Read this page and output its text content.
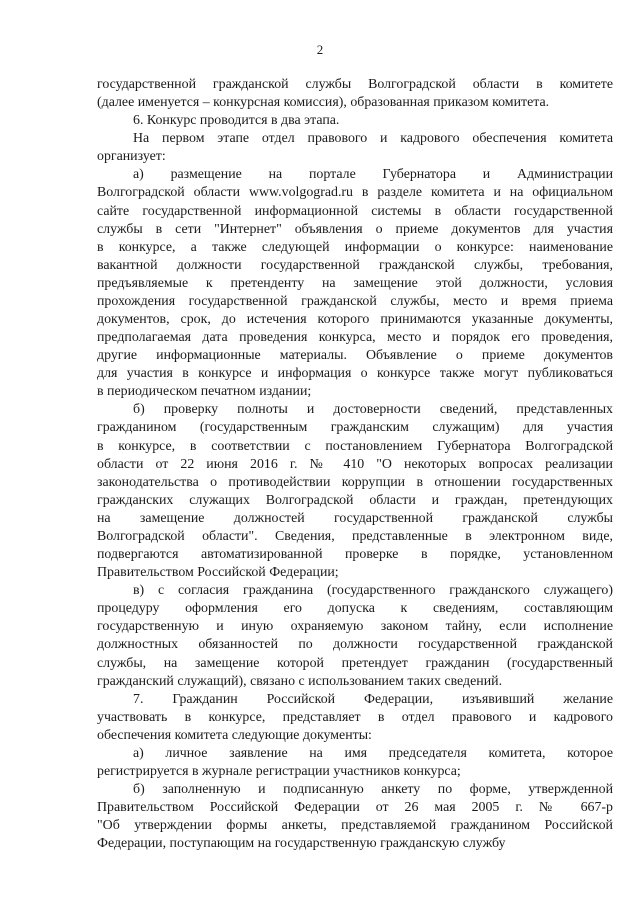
2
государственной гражданской службы Волгоградской области в комитете
(далее именуется – конкурсная комиссия), образованная приказом комитета.
6. Конкурс проводится в два этапа.
На первом этапе отдел правового и кадрового обеспечения комитета
организует:
а) размещение на портале Губернатора и Администрации
Волгоградской области www.volgograd.ru в разделе комитета и на официальном
сайте государственной информационной системы в области государственной
службы в сети "Интернет" объявления о приеме документов для участия
в конкурсе, а также следующей информации о конкурсе: наименование
вакантной должности государственной гражданской службы, требования,
предъявляемые к претенденту на замещение этой должности, условия
прохождения государственной гражданской службы, место и время приема
документов, срок, до истечения которого принимаются указанные документы,
предполагаемая дата проведения конкурса, место и порядок его проведения,
другие информационные материалы. Объявление о приеме документов
для участия в конкурсе и информация о конкурсе также могут публиковаться
в периодическом печатном издании;
б) проверку полноты и достоверности сведений, представленных
гражданином (государственным гражданским служащим) для участия
в конкурсе, в соответствии с постановлением Губернатора Волгоградской
области от 22 июня 2016 г. № 410 "О некоторых вопросах реализации
законодательства о противодействии коррупции в отношении государственных
гражданских служащих Волгоградской области и граждан, претендующих
на замещение должностей государственной гражданской службы
Волгоградской области". Сведения, представленные в электронном виде,
подвергаются автоматизированной проверке в порядке, установленном
Правительством Российской Федерации;
в) с согласия гражданина (государственного гражданского служащего)
процедуру оформления его допуска к сведениям, составляющим
государственную и иную охраняемую законом тайну, если исполнение
должностных обязанностей по должности государственной гражданской
службы, на замещение которой претендует гражданин (государственный
гражданский служащий), связано с использованием таких сведений.
7. Гражданин Российской Федерации, изъявивший желание
участвовать в конкурсе, представляет в отдел правового и кадрового
обеспечения комитета следующие документы:
а) личное заявление на имя председателя комитета, которое
регистрируется в журнале регистрации участников конкурса;
б) заполненную и подписанную анкету по форме, утвержденной
Правительством Российской Федерации от 26 мая 2005 г. № 667-р
"Об утверждении формы анкеты, представляемой гражданином Российской
Федерации, поступающим на государственную гражданскую службу
